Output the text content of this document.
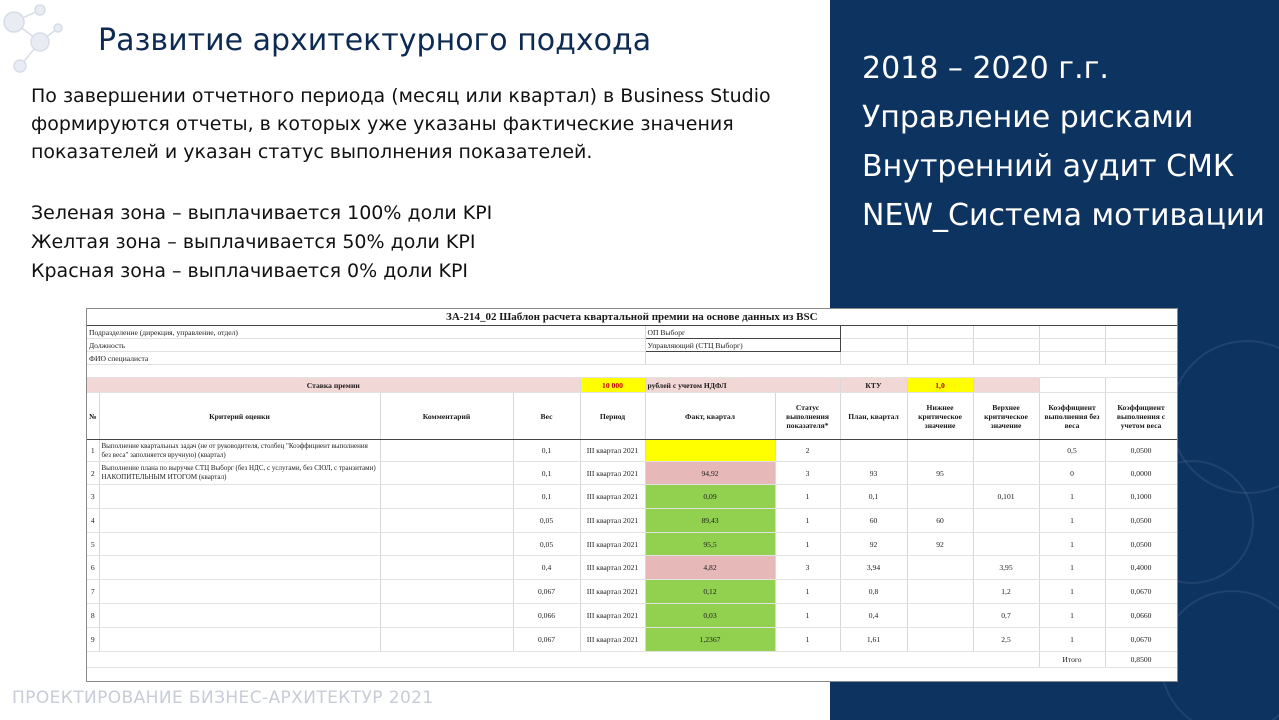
Развитие архитектурного подхода
По завершении отчетного периода (месяц или квартал) в Business Studio формируются отчеты, в которых уже указаны фактические значения показателей и указан статус выполнения показателей.
Зеленая зона – выплачивается 100% доли KPI
Желтая зона – выплачивается 50% доли KPI
Красная зона – выплачивается 0% доли KPI
2018 – 2020 г.г.
Управление рисками
Внутренний аудит СМК
NEW_Система мотивации
ЗА-214_02 Шаблон расчета квартальной премии на основе данных из BSC											
Подразделение (дирекция, управление, отдел)					ОП Выборг						
Должность					Управляющий (СТЦ Выборг)						
ФИО специалиста											

Ставка премии				10 000	рублей с учетом НДФЛ		КТУ	1,0			
№	Критерий оценки	Комментарий	Вес	Период	Факт, квартал	Статус выполнения показателя*	План, квартал	Нижнее критическое значение	Верхнее критическое значение	Коэффициент выполнения без веса	Коэффициент выполнения с учетом веса
1	Выполнение квартальных задач (не от руководителя, столбец "Коэффициент выполнения без веса" заполняется вручную) (квартал)		0,1	III квартал 2021		2				0,5	0,0500
2	Выполнение плана по выручке СТЦ Выборг (без НДС, с услугами, без СЮЛ, с транзитами) НАКОПИТЕЛЬНЫМ ИТОГОМ (квартал)		0,1	III квартал 2021	94,92	3	93	95		0	0,0000
3			0,1	III квартал 2021	0,09	1	0,1		0,101	1	0,1000
4			0,05	III квартал 2021	89,43	1	60	60		1	0,0500
5			0,05	III квартал 2021	95,5	1	92	92		1	0,0500
6			0,4	III квартал 2021	4,82	3	3,94		3,95	1	0,4000
7			0,067	III квартал 2021	0,12	1	0,8		1,2	1	0,0670
8			0,066	III квартал 2021	0,03	1	0,4		0,7	1	0,0660
9			0,067	III квартал 2021	1,2367	1	1,61		2,5	1	0,0670
										Итого	0,8500
ПРОЕКТИРОВАНИЕ БИЗНЕС-АРХИТЕКТУР 2021
